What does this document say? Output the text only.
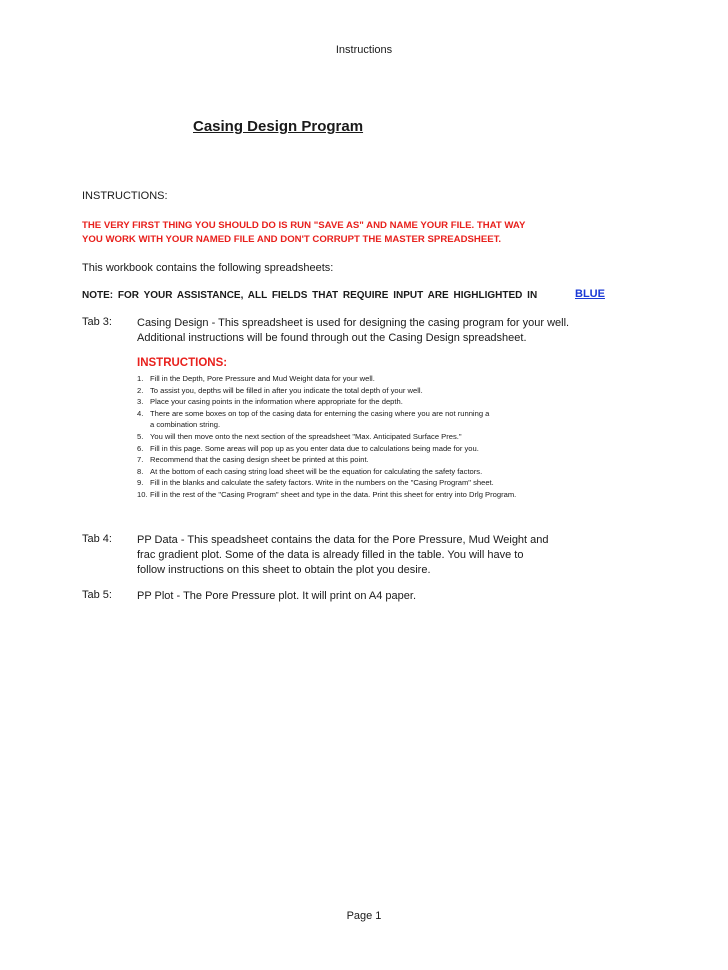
Instructions
Casing Design Program
INSTRUCTIONS:
THE VERY FIRST THING YOU SHOULD DO IS RUN "SAVE AS" AND NAME YOUR FILE. THAT WAY
YOU WORK WITH YOUR NAMED FILE AND DON'T CORRUPT THE MASTER SPREADSHEET.
This workbook contains the following spreadsheets:
NOTE: FOR YOUR ASSISTANCE, ALL FIELDS THAT REQUIRE INPUT ARE HIGHLIGHTED IN	BLUE
Tab 3: Casing Design - This spreadsheet is used for designing the casing program for your well.
Additional instructions will be found through out the Casing Design spreadsheet.
INSTRUCTIONS:
1. Fill in the Depth, Pore Pressure and Mud Weight data for your well.
2. To assist you, depths will be filled in after you indicate the total depth of your well.
3. Place your casing points in the information where appropriate for the depth.
4. There are some boxes on top of the casing data for enterning the casing where you are not running a
a combination string.
5. You will then move onto the next section of the spreadsheet "Max. Anticipated Surface Pres."
6. Fill in this page. Some areas will pop up as you enter data due to calculations being made for you.
7. Recommend that the casing design sheet be printed at this point.
8. At the bottom of each casing string load sheet will be the equation for calculating the safety factors.
9. Fill in the blanks and calculate the safety factors. Write in the numbers on the "Casing Program" sheet.
10. Fill in the rest of the "Casing Program" sheet and type in the data. Print this sheet for entry into Drlg Program.
Tab 4: PP Data - This speadsheet contains the data for the Pore Pressure, Mud Weight and
frac gradient plot. Some of the data is already filled in the table. You will have to
follow instructions on this sheet to obtain the plot you desire.
Tab 5: PP Plot - The Pore Pressure plot. It will print on A4 paper.
Page 1
